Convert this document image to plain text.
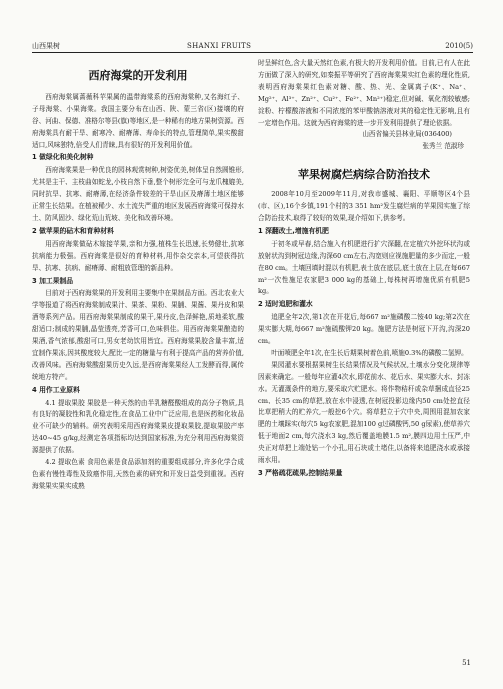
山西果树	SHANXI FRUITS	2010(5)
西府海棠的开发利用

西府海棠属蔷薇科苹果属的温带海棠系的西府海棠种,又名海红子、子母海棠、小果海棠。我国主要分布在山西、陕、蒙三省(区)接壤的府谷、河曲、保德、准格尔等县(旗)等地区,是一种稀有的地方果树资源。西府海棠具有耐干旱、耐寒冷、耐瘠薄、寿命长的特点,管理简单,果实酸甜适口,风味独特,倍受人们青睐,具有很好的开发利用价值。

1 做绿化和美化树种

西府海棠果是一种优良的园林观赏树种,树姿优美,树体呈自然圆锥形,尤其是主干、主枝曲如蛇龙,小枝自然下垂,整个树形完全可与龙爪槐媲美,同时抗旱、抗寒、耐瘠薄,在经济条件较差的干旱山区及瘠薄土地区能够正常生长结果。在植被稀少、水土流失严重的地区发展西府海棠可保持水土、防风固沙、绿化荒山荒坡、美化和改善环境。

2 做苹果的砧木和育种材料

用西府海棠做砧木嫁接苹果,亲和力强,植株生长迅速,长势健壮,抗寒抗病能力极强。西府海棠是很好的育种材料,用作杂交亲本,可望获得抗旱、抗寒、抗病、耐瘠薄、耐粗放管理的新品种。

3 加工果制品

目前对于西府海棠果的开发利用主要集中在果制品方面。西北农业大学等报道了将西府海棠制成果汁、果茶、果粉、果脯、果酱、果丹皮和果酒等系列产品。用西府海棠果制成的果干,果丹皮,色泽鲜艳,质地柔软,酸甜适口;制成的果脯,晶莹透亮,芳香可口,色味俱佳。用西府海棠果酿造的果酒,香气浓郁,酸甜可口,男女老幼饮用皆宜。西府海棠果胶含量丰富,适宜制作果冻,因其酸度较大,配比一定的糖量与有利于提高产品的营养价值,改善风味。西府海棠酸甜果历史久远,是西府海棠果经人工发酵而得,属传统地方特产。

4 用作工业原料

4.1 提取果胶 果胶是一种天然的由半乳糖醛酸组成的高分子物质,具有良好的凝胶性和乳化稳定性,在食品工业中广泛应用,也是医药和化妆品业不可缺少的辅料。研究表明采用西府海棠果皮提取果胶,提取果胶产率达40~45 g/kg,经测定各项指标均达到国家标准,为充分利用西府海棠资源提供了依据。

4.2 提取色素 食用色素是食品添加剂的重要组成部分,许多化学合成色素有慢性毒性及致癌作用,天然色素的研究和开发日益受到重视。西府海棠果实果实成熟

时呈鲜红色,含大量天然红色素,有极大的开发利用价值。目前,已有人在此方面做了深入的研究,如秦振平等研究了西府海棠果实红色素的理化性质,表明西府海棠果红色素对糖、酸、热、光、金属离子(K⁺、Na⁺、Mg²⁺、Al³⁺、Zn²⁺、Cu²⁺、Fe²⁺、Mn²⁺)稳定,但对碱、氧化剂较敏感;淀粉、柠檬酸溶液和不同浓度的苯甲酸钠溶液对其的稳定性无影响,且有一定增色作用。这就为西府海棠的进一步开发利用提供了理论依据。

山西省偏关县林业局(036400)

张秀兰 范淑珍

苹果树腐烂病综合防治技术

2008年10月至2009年11月,对我市盛城、襄阳、平顺等区4个县(市、区),16个乡镇,191个村的3 351 hm²发生腐烂病的苹果园实施了综合防治技术,取得了较好的效果,现介绍如下,供参考。

1 深翻改土,增施有机肥

于初冬或早春,结合施入有机肥进行扩穴深翻,在定植穴外挖环状沟或放射状沟到树冠边缘,沟深60 cm左右,沟宽则应视施肥量的多少而定,一般在80 cm。土壤回填时混以有机肥,表土放在底层,底土放在上层,在每667 m²一次性施足农家肥3 000 kg的基础上,每株树再增施优质有机肥5 kg。

2 适时追肥和灌水

追肥全年2次,第1次在开花后,每667 m²施磷酸二铵40 kg;第2次在果实膨大期,每667 m²施硫酸钾20 kg。施肥方法是树冠下开沟,沟深20 cm。

叶面喷肥全年1次,在生长后期果树着色前,喷施0.3%的磷酸二氢钾。

果园灌水要根据果树生长结果情况及气候状况,土壤水分变化规律等因素来确定。一般每年应灌4次水,即花前水、花后水、果实膨大水、封冻水。无灌溉条件的地方,要采取穴贮肥水。将作物秸秆或杂草捆成直径25 cm、长35 cm的草把,放在水中浸透,在树冠投影边缘内50 cm处挖直径比草把稍大的贮养穴,一般挖6个穴。将草把立于穴中央,周围用混加农家肥的土壤踩实(每穴5 kg农家肥,混加100 g过磷酸钙,50 g尿素),使草养穴低于地面2 cm,每穴浇水3 kg,然后覆盖地膜1.5 m²,膜四边用土压严,中央正对草把上端处钻一个小孔,用石块或土堵住,以备将来追肥浇水或承接雨水用。

3 严格疏花疏果,控制结果量
51
